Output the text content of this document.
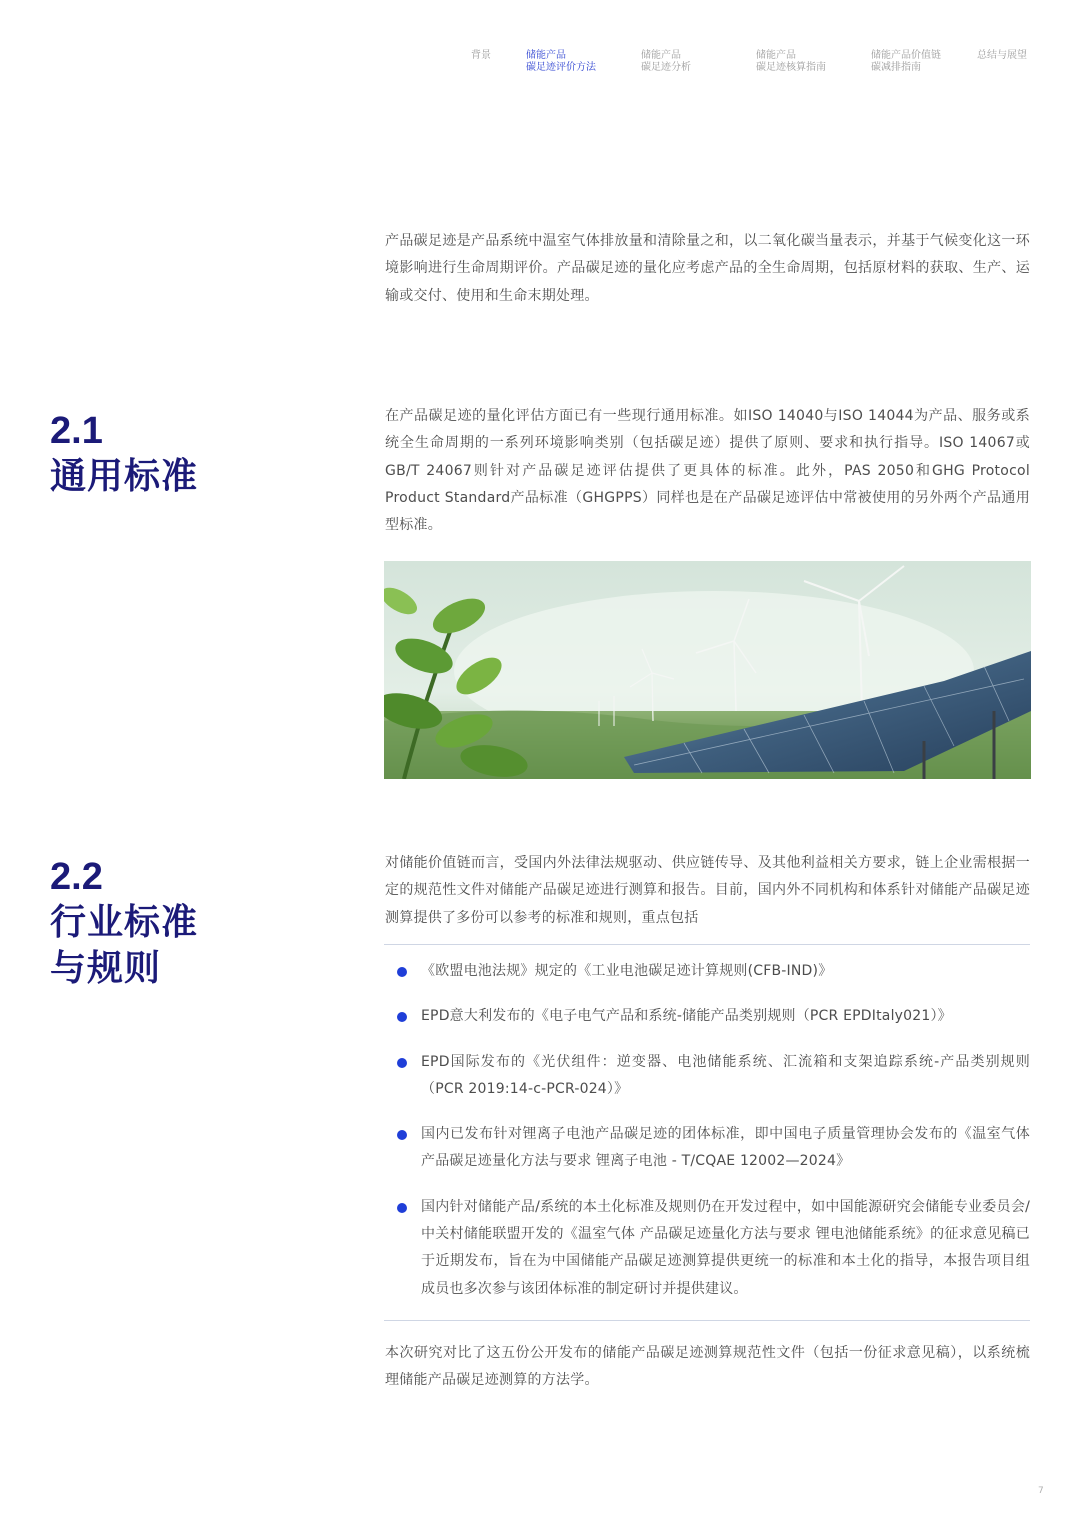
背景	储能产品
碳足迹评价方法
储能产品
碳足迹分析
储能产品
碳足迹核算指南
储能产品价值链
碳减排指南
总结与展望

产品碳足迹是产品系统中温室气体排放量和清除量之和，以二氧化碳当量表示，并基于气候变化这一环境影响进行生命周期评价。产品碳足迹的量化应考虑产品的全生命周期，包括原材料的获取、生产、运输或交付、使用和生命末期处理。

2.1
通用标准

在产品碳足迹的量化评估方面已有一些现行通用标准。如ISO 14040与ISO 14044为产品、服务或系统全生命周期的一系列环境影响类别（包括碳足迹）提供了原则、要求和执行指导。ISO 14067或GB/T 24067则针对产品碳足迹评估提供了更具体的标准。此外，PAS 2050和GHG Protocol Product Standard产品标准（GHGPPS）同样也是在产品碳足迹评估中常被使用的另外两个产品通用型标准。

2.2
行业标准
与规则

对储能价值链而言，受国内外法律法规驱动、供应链传导、及其他利益相关方要求，链上企业需根据一定的规范性文件对储能产品碳足迹进行测算和报告。目前，国内外不同机构和体系针对储能产品碳足迹测算提供了多份可以参考的标准和规则，重点包括

《欧盟电池法规》规定的《工业电池碳足迹计算规则(CFB-IND)》
EPD意大利发布的《电子电气产品和系统-储能产品类别规则（PCR EPDItaly021）》
EPD国际发布的《光伏组件：逆变器、电池储能系统、汇流箱和支架追踪系统-产品类别规则（PCR 2019:14-c-PCR-024）》
国内已发布针对锂离子电池产品碳足迹的团体标准，即中国电子质量管理协会发布的《温室气体 产品碳足迹量化方法与要求 锂离子电池 - T/CQAE 12002—2024》
国内针对储能产品/系统的本土化标准及规则仍在开发过程中，如中国能源研究会储能专业委员会/中关村储能联盟开发的《温室气体 产品碳足迹量化方法与要求 锂电池储能系统》的征求意见稿已于近期发布，旨在为中国储能产品碳足迹测算提供更统一的标准和本土化的指导，本报告项目组成员也多次参与该团体标准的制定研讨并提供建议。

本次研究对比了这五份公开发布的储能产品碳足迹测算规范性文件（包括一份征求意见稿），以系统梳理储能产品碳足迹测算的方法学。

7
